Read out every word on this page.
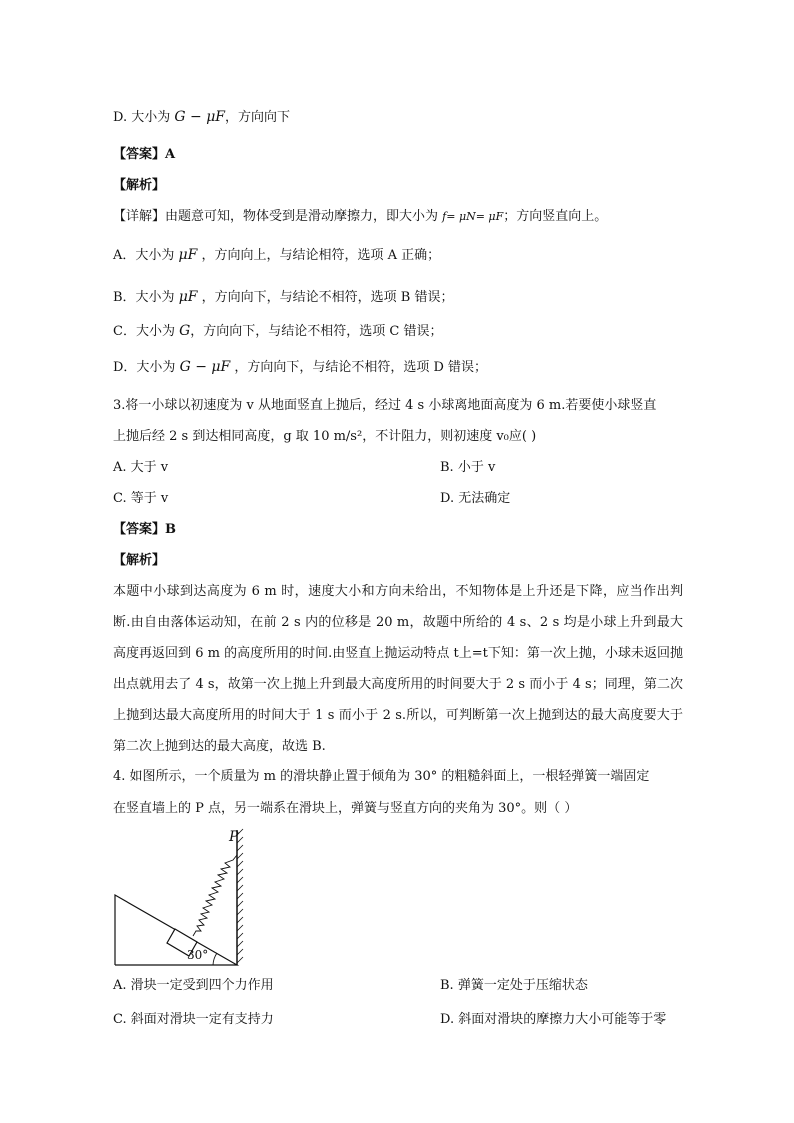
D. 大小为 G − μF，方向向下
【答案】A
【解析】
【详解】由题意可知，物体受到是滑动摩擦力，即大小为 f= μN= μF；方向竖直向上。
A．大小为 μF ，方向向上，与结论相符，选项 A 正确；
B．大小为 μF ，方向向下，与结论不相符，选项 B 错误；
C．大小为 G，方向向下，与结论不相符，选项 C 错误；
D．大小为 G − μF ，方向向下，与结论不相符，选项 D 错误；
3.将一小球以初速度为 v 从地面竖直上抛后，经过 4 s 小球离地面高度为 6 m.若要使小球竖直
上抛后经 2 s 到达相同高度，g 取 10 m/s²，不计阻力，则初速度 v₀应( )
A. 大于 v	B. 小于 v
C. 等于 v	D. 无法确定
【答案】B
【解析】
本题中小球到达高度为 6 m 时，速度大小和方向未给出，不知物体是上升还是下降，应当作出判断.由自由落体运动知，在前 2 s 内的位移是 20 m，故题中所给的 4 s、2 s 均是小球上升到最大高度再返回到 6 m 的高度所用的时间.由竖直上抛运动特点 t上=t下知：第一次上抛，小球未返回抛出点就用去了 4 s，故第一次上抛上升到最大高度所用的时间要大于 2 s 而小于 4 s；同理，第二次上抛到达最大高度所用的时间大于 1 s 而小于 2 s.所以，可判断第一次上抛到达的最大高度要大于第二次上抛到达的最大高度，故选 B.
4. 如图所示，一个质量为 m 的滑块静止置于倾角为 30° 的粗糙斜面上，一根轻弹簧一端固定
在竖直墙上的 P 点，另一端系在滑块上，弹簧与竖直方向的夹角为 30°。则（ ）
P
30°
A. 滑块一定受到四个力作用	B. 弹簧一定处于压缩状态
C. 斜面对滑块一定有支持力	D. 斜面对滑块的摩擦力大小可能等于零
